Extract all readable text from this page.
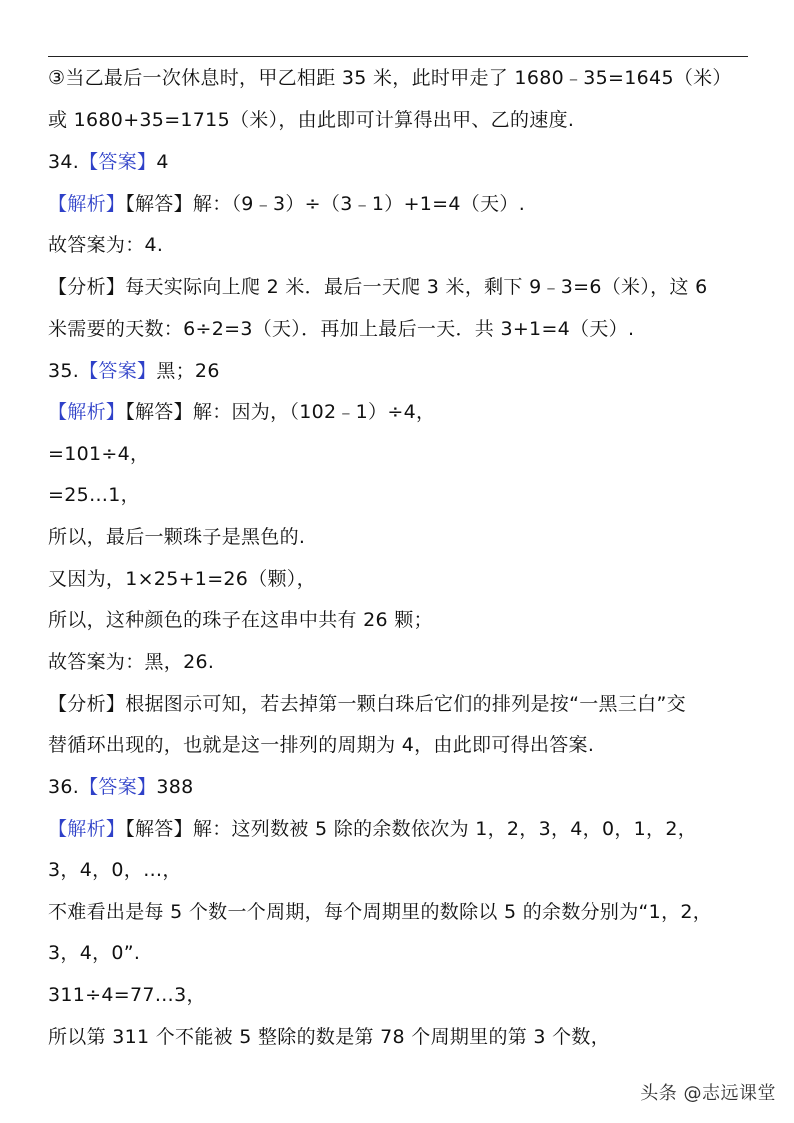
③当乙最后一次休息时，甲乙相距 35 米，此时甲走了 1680﹣35=1645（米）
或 1680+35=1715（米），由此即可计算得出甲、乙的速度.
34.【答案】4
【解析】【解答】解：（9﹣3）÷（3﹣1）+1=4（天）.
故答案为：4.
【分析】每天实际向上爬 2 米．最后一天爬 3 米，剩下 9﹣3=6（米），这 6
米需要的天数：6÷2=3（天）．再加上最后一天．共 3+1=4（天）.
35.【答案】黑；26
【解析】【解答】解：因为，（102﹣1）÷4，
=101÷4，
=25…1，
所以，最后一颗珠子是黑色的.
又因为，1×25+1=26（颗），
所以，这种颜色的珠子在这串中共有 26 颗；
故答案为：黑，26.
【分析】根据图示可知，若去掉第一颗白珠后它们的排列是按“一黑三白”交
替循环出现的，也就是这一排列的周期为 4，由此即可得出答案.
36.【答案】388
【解析】【解答】解：这列数被 5 除的余数依次为 1，2，3，4，0，1，2，
3，4，0，…，
不难看出是每 5 个数一个周期，每个周期里的数除以 5 的余数分别为“1，2，
3，4，0”.
311÷4=77…3，
所以第 311 个不能被 5 整除的数是第 78 个周期里的第 3 个数，
头条 @志远课堂
